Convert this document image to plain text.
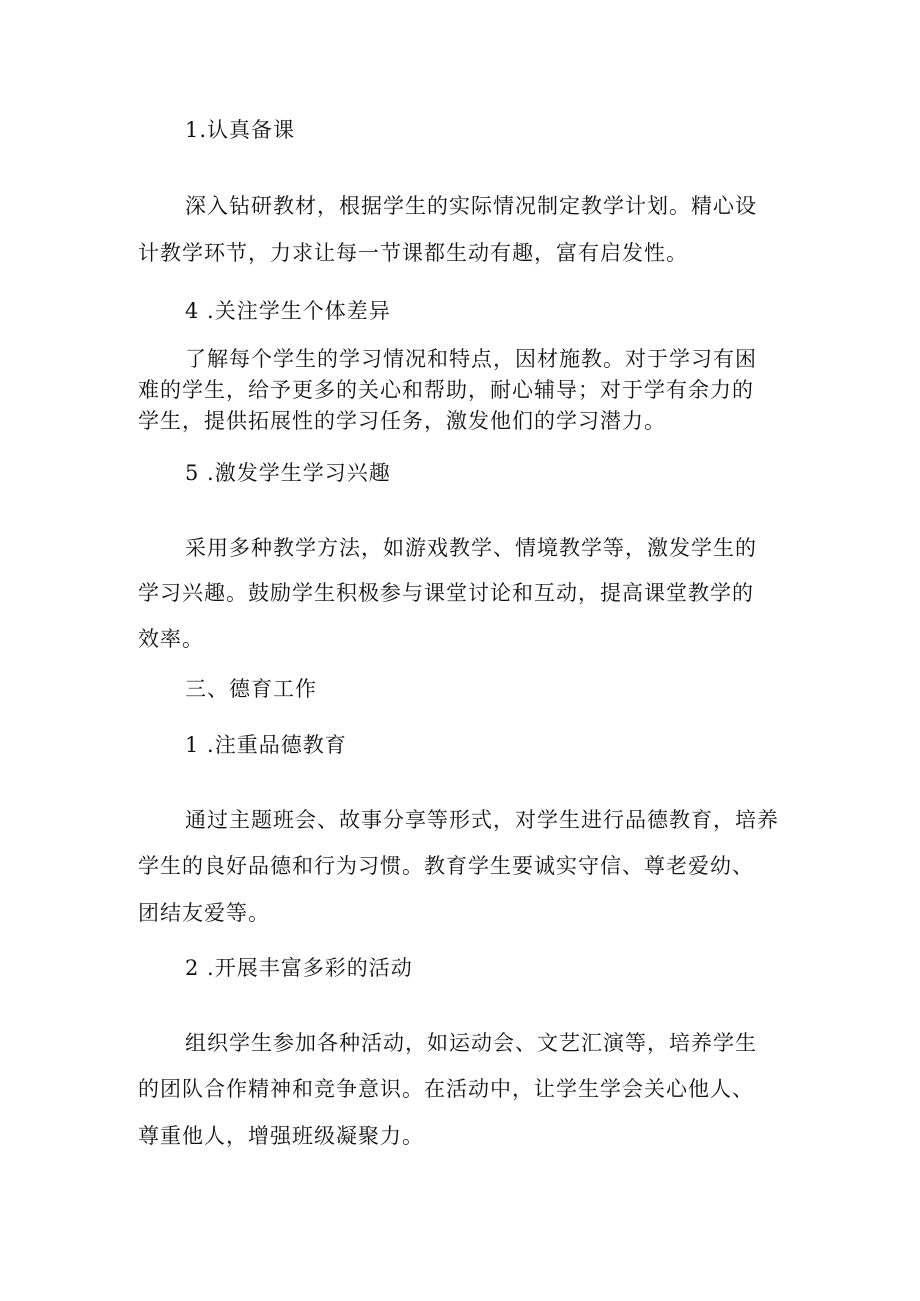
1.认真备课
深入钻研教材，根据学生的实际情况制定教学计划。精心设
计教学环节，力求让每一节课都生动有趣，富有启发性。
4 .关注学生个体差异
了解每个学生的学习情况和特点，因材施教。对于学习有困
难的学生，给予更多的关心和帮助，耐心辅导；对于学有余力的
学生，提供拓展性的学习任务，激发他们的学习潜力。
5 .激发学生学习兴趣
采用多种教学方法，如游戏教学、情境教学等，激发学生的
学习兴趣。鼓励学生积极参与课堂讨论和互动，提高课堂教学的
效率。
三、德育工作
1 .注重品德教育
通过主题班会、故事分享等形式，对学生进行品德教育，培养
学生的良好品德和行为习惯。教育学生要诚实守信、尊老爱幼、
团结友爱等。
2 .开展丰富多彩的活动
组织学生参加各种活动，如运动会、文艺汇演等，培养学生
的团队合作精神和竞争意识。在活动中，让学生学会关心他人、
尊重他人，增强班级凝聚力。
